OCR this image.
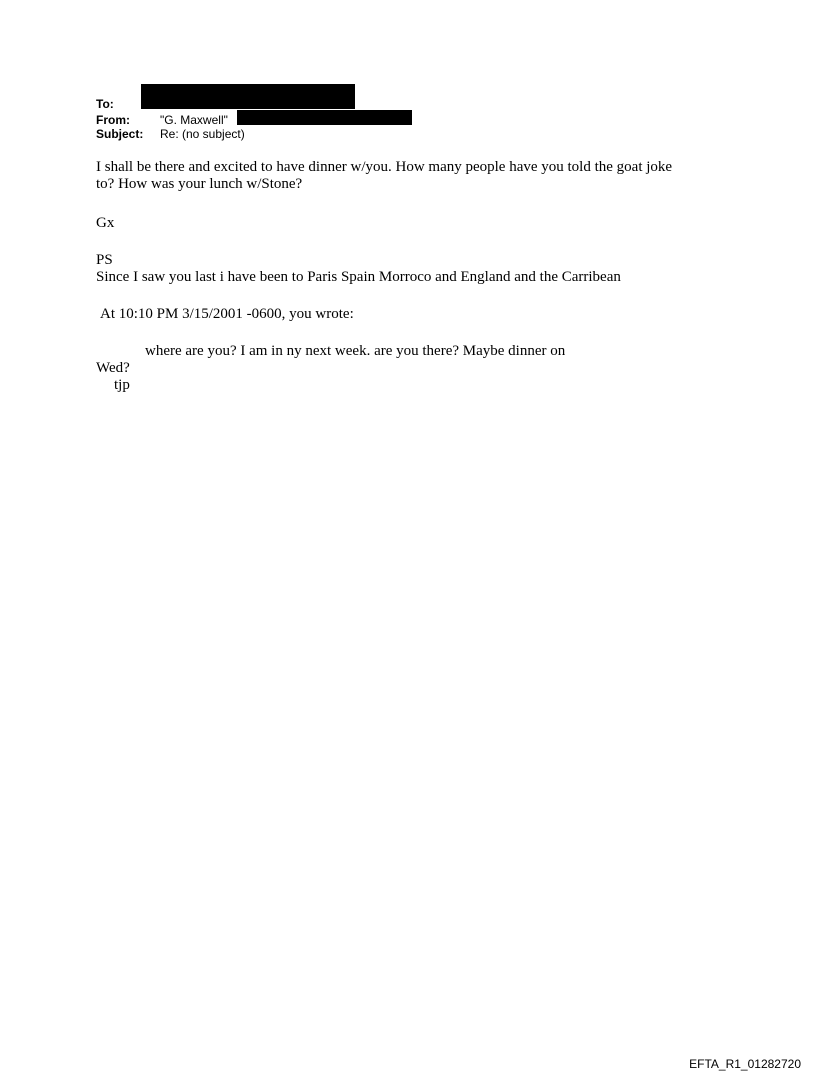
To:
From:	"G. Maxwell"
Subject: Re: (no subject)
I shall be there and excited to have dinner w/you. How many people have you told the goat joke
to? How was your lunch w/Stone?
Gx
PS
Since I saw you last i have been to Paris Spain Morroco and England and the Carribean
At 10:10 PM 3/15/2001 -0600, you wrote:
where are you? I am in ny next week. are you there? Maybe dinner on
Wed?
tjp
EFTA_R1_01282720
